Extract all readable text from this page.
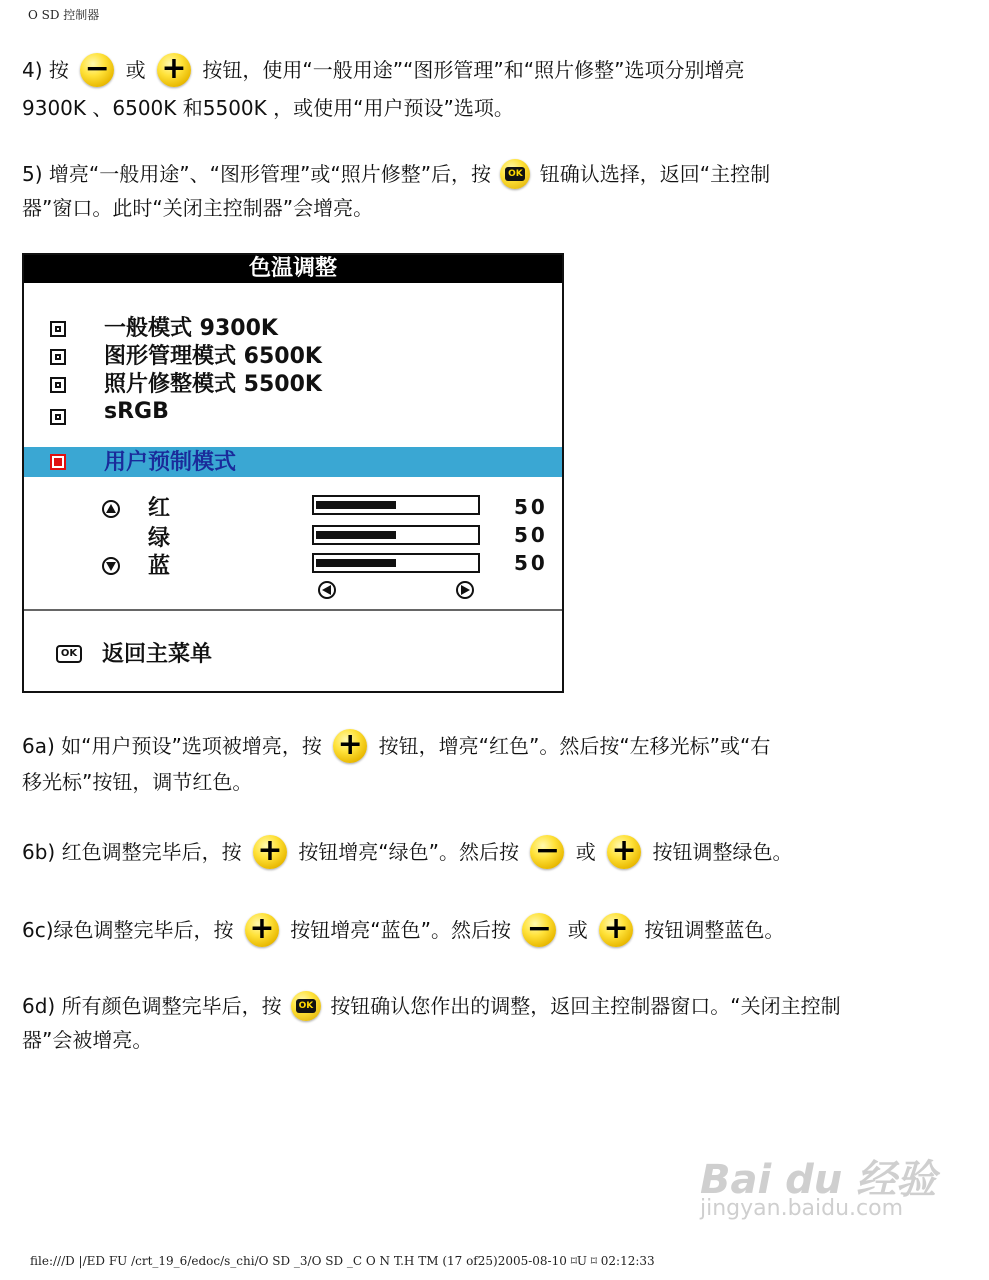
O SD 控制器
4) 按 − 或 + 按钮，使用“一般用途”“图形管理”和“照片修整”选项分别增亮
9300K 、6500K 和5500K ，或使用“用户预设”选项。
5) 增亮“一般用途”、“图形管理”或“照片修整”后，按 OK 钮确认选择，返回“主控制
器”窗口。此时“关闭主控制器”会增亮。
色温调整
一般模式 9300K
图形管理模式 6500K
照片修整模式 5500K
sRGB
用户预制模式
红	50
绿	50
蓝	50
OK 返回主菜单
6a) 如“用户预设”选项被增亮，按 + 按钮，增亮“红色”。然后按“左移光标”或“右
移光标”按钮，调节红色。
6b) 红色调整完毕后，按 + 按钮增亮“绿色”。然后按 − 或 + 按钮调整绿色。
6c)绿色调整完毕后，按 + 按钮增亮“蓝色”。然后按 − 或 + 按钮调整蓝色。
6d) 所有颜色调整完毕后，按 OK 按钮确认您作出的调整，返回主控制器窗口。“关闭主控制
器”会被增亮。
Bai du 经验
jingyan.baidu.com
file:///D |/ED FU /crt_19_6/edoc/s_chi/O SD _3/O SD _C O N T.H TM (17 of25)2005-08-10 ⌑U ⌑ 02:12:33
